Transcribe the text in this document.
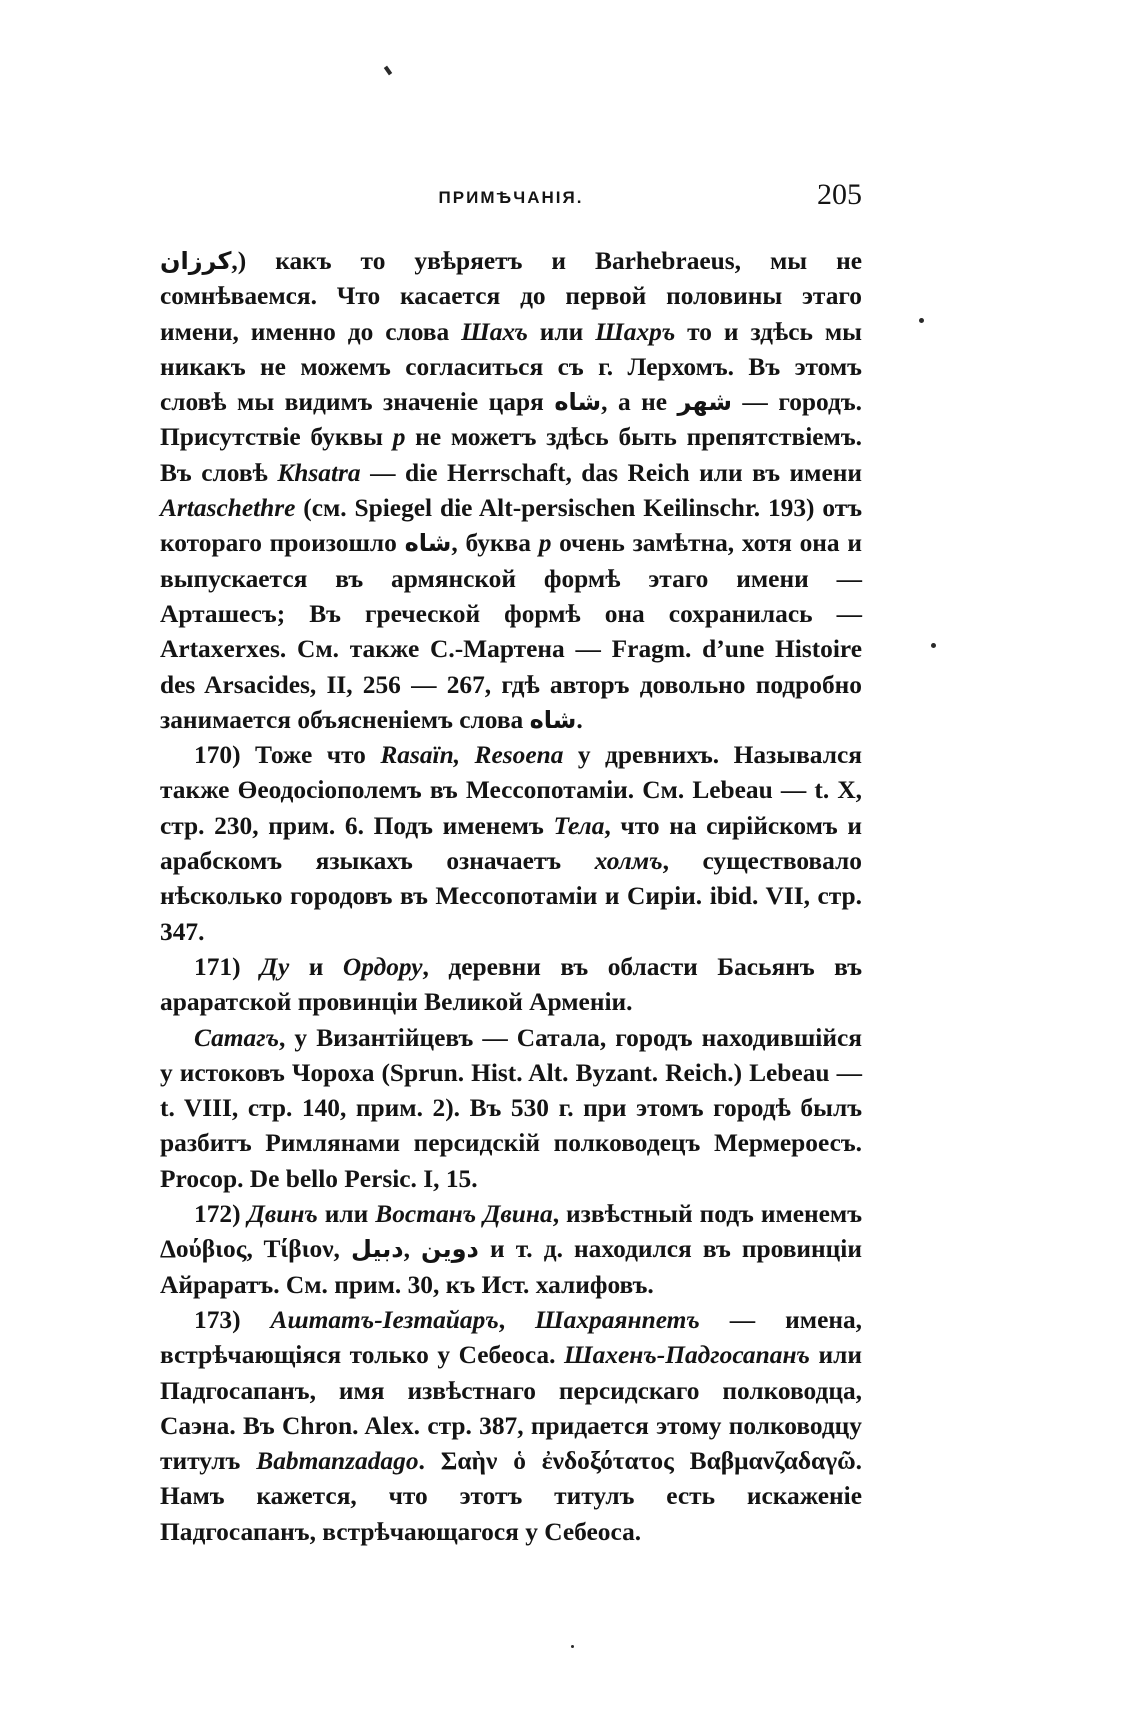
ПРИМѢЧАНІЯ.	205

كرزان,) какъ то увѣряетъ и Barhebraeus, мы не сомнѣваемся. Что касается до первой половины этаго имени, именно до слова Шахъ или Шахръ то и здѣсь мы никакъ не можемъ согласиться съ г. Лерхомъ. Въ этомъ словѣ мы видимъ значеніе царя شاه, а не شهر — городъ. Присутствіе буквы р не можетъ здѣсь быть препятствіемъ. Въ словѣ Khsatra — die Herrschaft, das Reich или въ имени Artaschethre (см. Spiegel die Alt-persischen Keilinschr. 193) отъ котораго произошло شاه, буква р очень замѣтна, хотя она и выпускается въ армянской формѣ этаго имени — Арташесъ; Въ греческой формѣ она сохранилась — Artaxerxes. См. также С.-Мартена — Fragm. d’une Histoire des Arsacides, II, 256 — 267, гдѣ авторъ довольно подробно занимается объясненіемъ слова شاه.

170) Тоже что Rasaïn, Resoena у древнихъ. Назывался также Өеодосіополемъ въ Мессопотаміи. См. Lebeau — t. X, стр. 230, прим. 6. Подъ именемъ Тела, что на сирійскомъ и арабскомъ языкахъ означаетъ холмъ, существовало нѣсколько городовъ въ Мессопотаміи и Сиріи. ibid. VII, стр. 347.

171) Ду и Ордору, деревни въ области Басьянъ въ араратской провинціи Великой Арменіи.

Сатагъ, у Византійцевъ — Сатала, городъ находившійся у истоковъ Чороха (Sprun. Hist. Alt. Byzant. Reich.) Lebeau — t. VIII, стр. 140, прим. 2). Въ 530 г. при этомъ городѣ былъ разбитъ Римлянами персидскій полководецъ Мермероесъ. Procop. De bello Persic. I, 15.

172) Двинъ или Востанъ Двина, извѣстный подъ именемъ Δούβιος, Τίβιον, دبيل, دوين и т. д. находился въ провинціи Айраратъ. См. прим. 30, къ Ист. халифовъ.

173) Аштатъ-Іезтайаръ, Шахраянпетъ — имена, встрѣчающіяся только у Себеоса. Шахенъ-Падгосапанъ или Падгосапанъ, имя извѣстнаго персидскаго полководца, Саэна. Въ Chron. Alex. стр. 387, придается этому полководцу титулъ Babmanzadago. Σαὴν ὁ ἐνδοξότατος Βαβμανζαδαγῶ. Намъ кажется, что этотъ титулъ есть искаженіе Падгосапанъ, встрѣчающагося у Себеоса.
